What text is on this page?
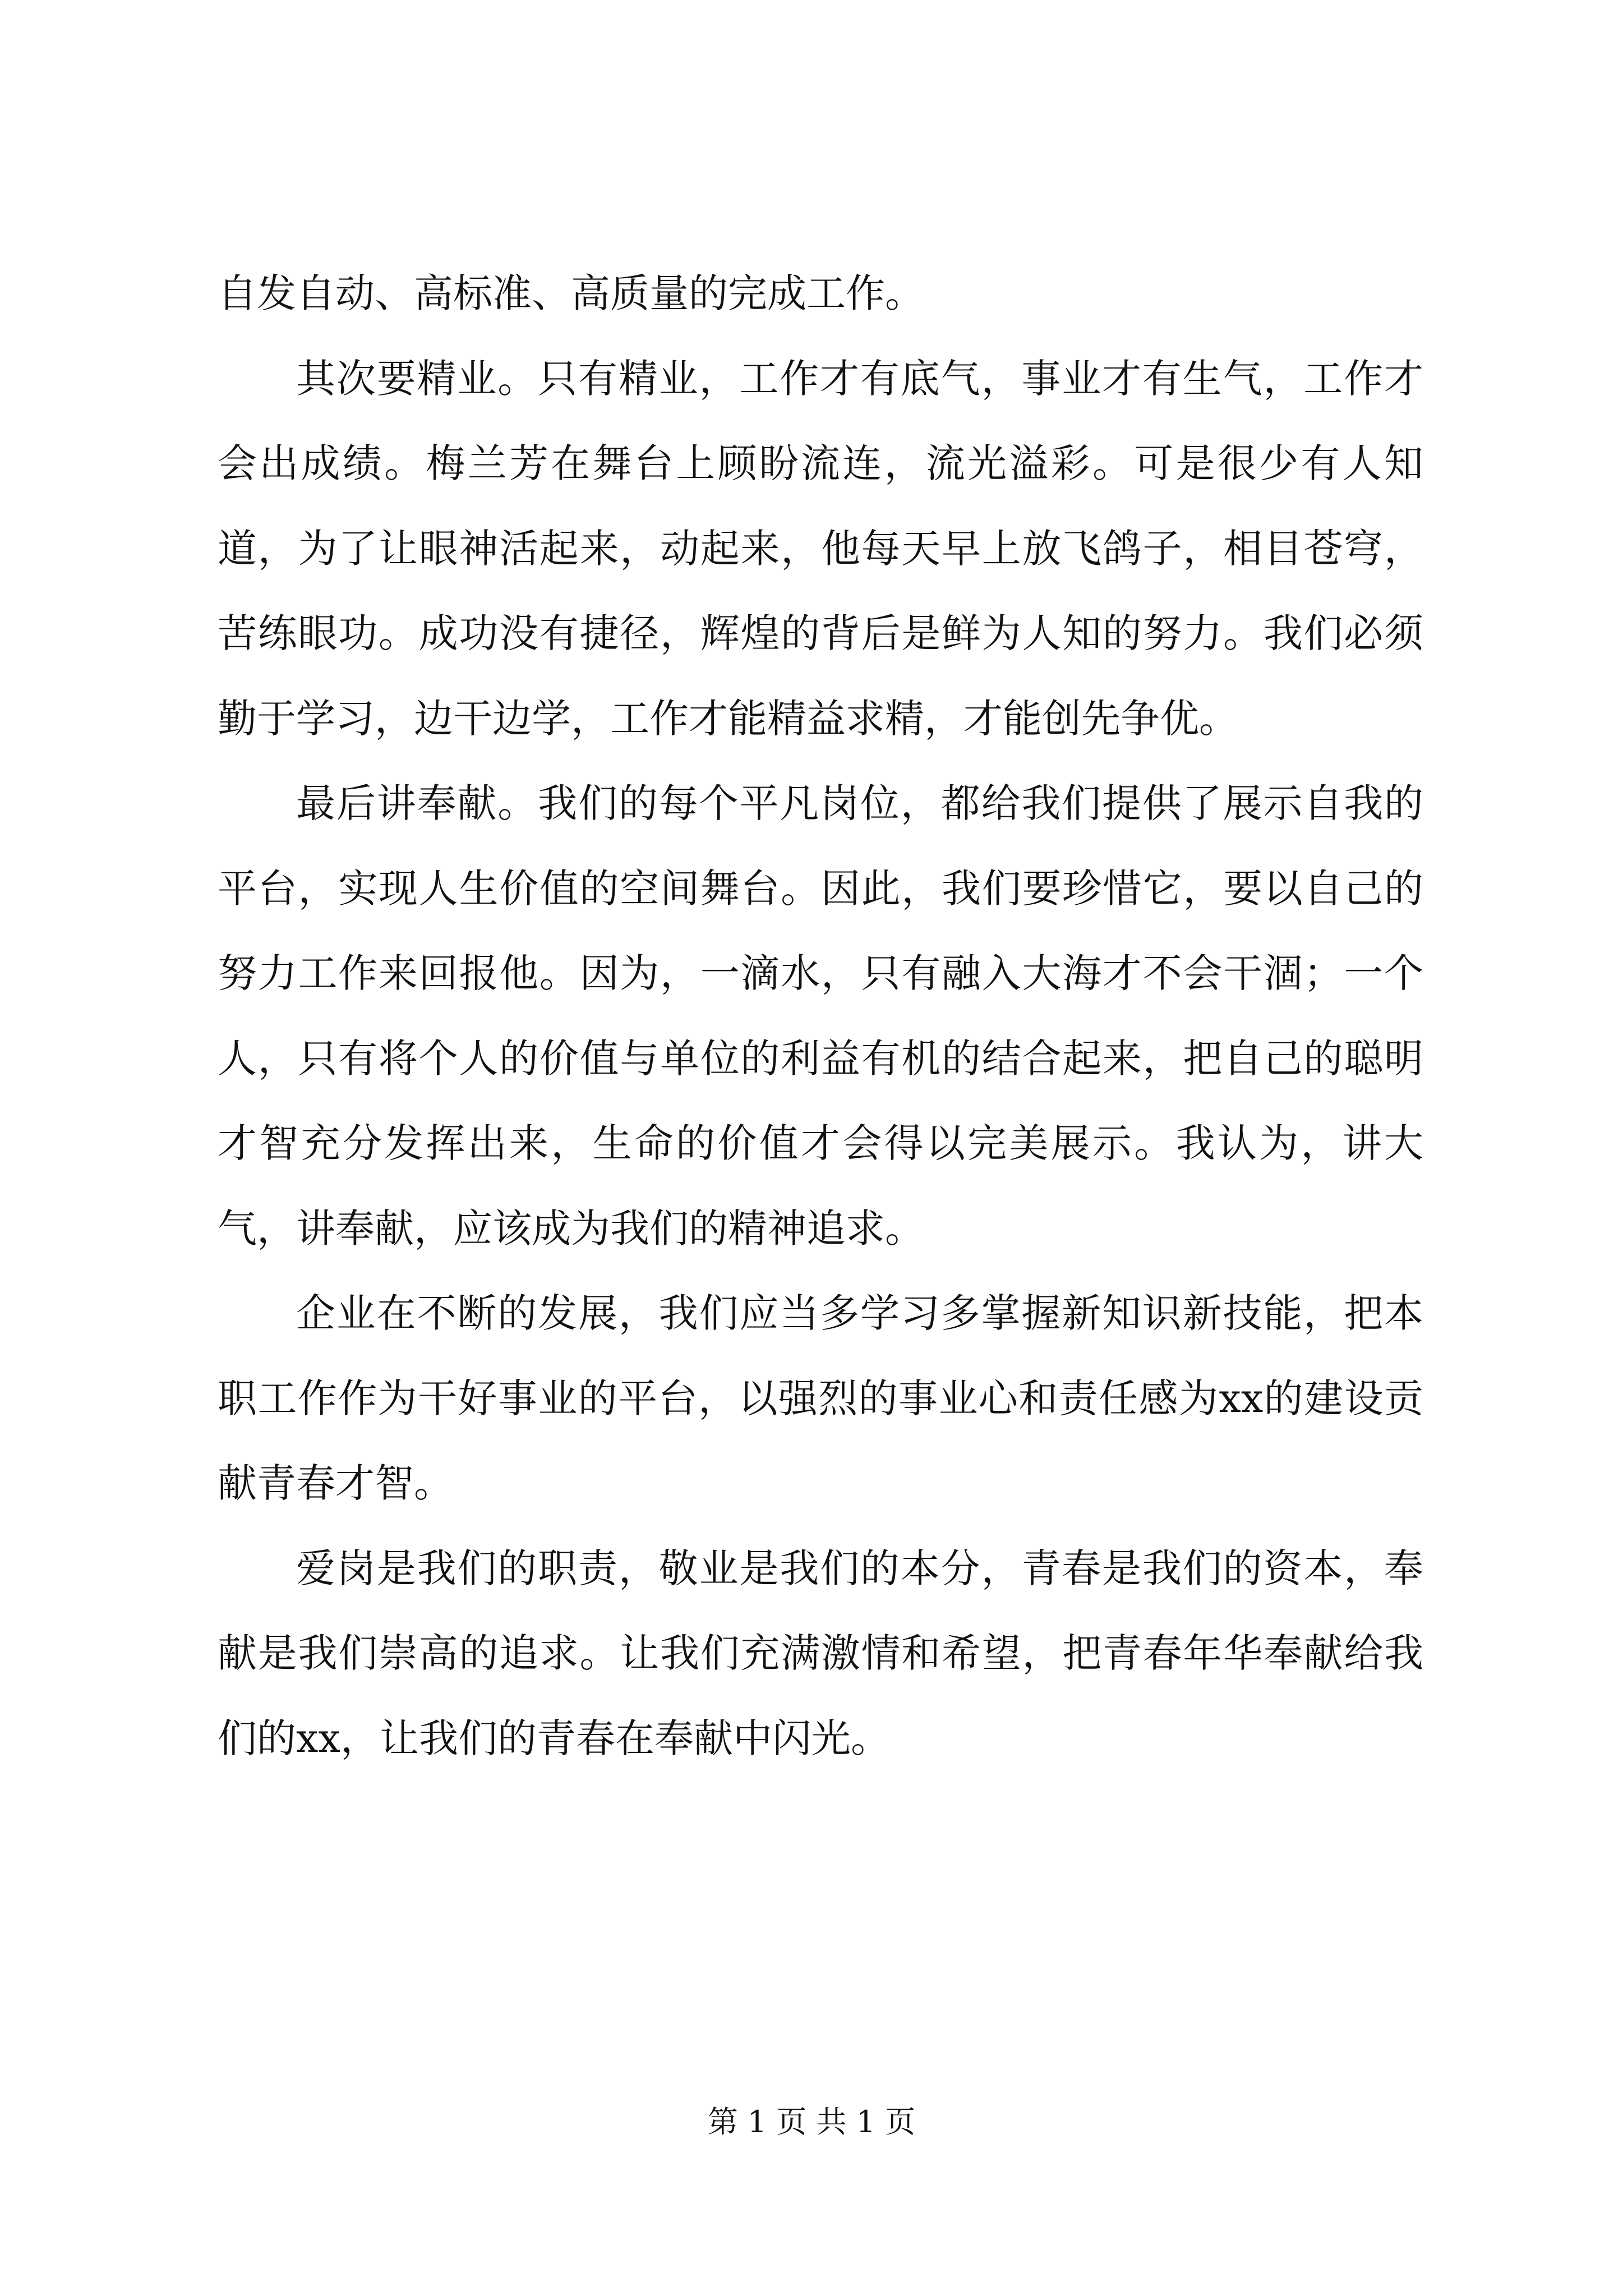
自发自动、高标准、高质量的完成工作。

其次要精业。只有精业，工作才有底气，事业才有生气，工作才会出成绩。梅兰芳在舞台上顾盼流连，流光溢彩。可是很少有人知道，为了让眼神活起来，动起来，他每天早上放飞鸽子，相目苍穹，苦练眼功。成功没有捷径，辉煌的背后是鲜为人知的努力。我们必须勤于学习，边干边学，工作才能精益求精，才能创先争优。

最后讲奉献。我们的每个平凡岗位，都给我们提供了展示自我的平台，实现人生价值的空间舞台。因此，我们要珍惜它，要以自己的努力工作来回报他。因为，一滴水，只有融入大海才不会干涸；一个人，只有将个人的价值与单位的利益有机的结合起来，把自己的聪明才智充分发挥出来，生命的价值才会得以完美展示。我认为，讲大气，讲奉献，应该成为我们的精神追求。

企业在不断的发展，我们应当多学习多掌握新知识新技能，把本职工作作为干好事业的平台，以强烈的事业心和责任感为xx的建设贡献青春才智。

爱岗是我们的职责，敬业是我们的本分，青春是我们的资本，奉献是我们崇高的追求。让我们充满激情和希望，把青春年华奉献给我们的xx，让我们的青春在奉献中闪光。

第 1 页 共 1 页
